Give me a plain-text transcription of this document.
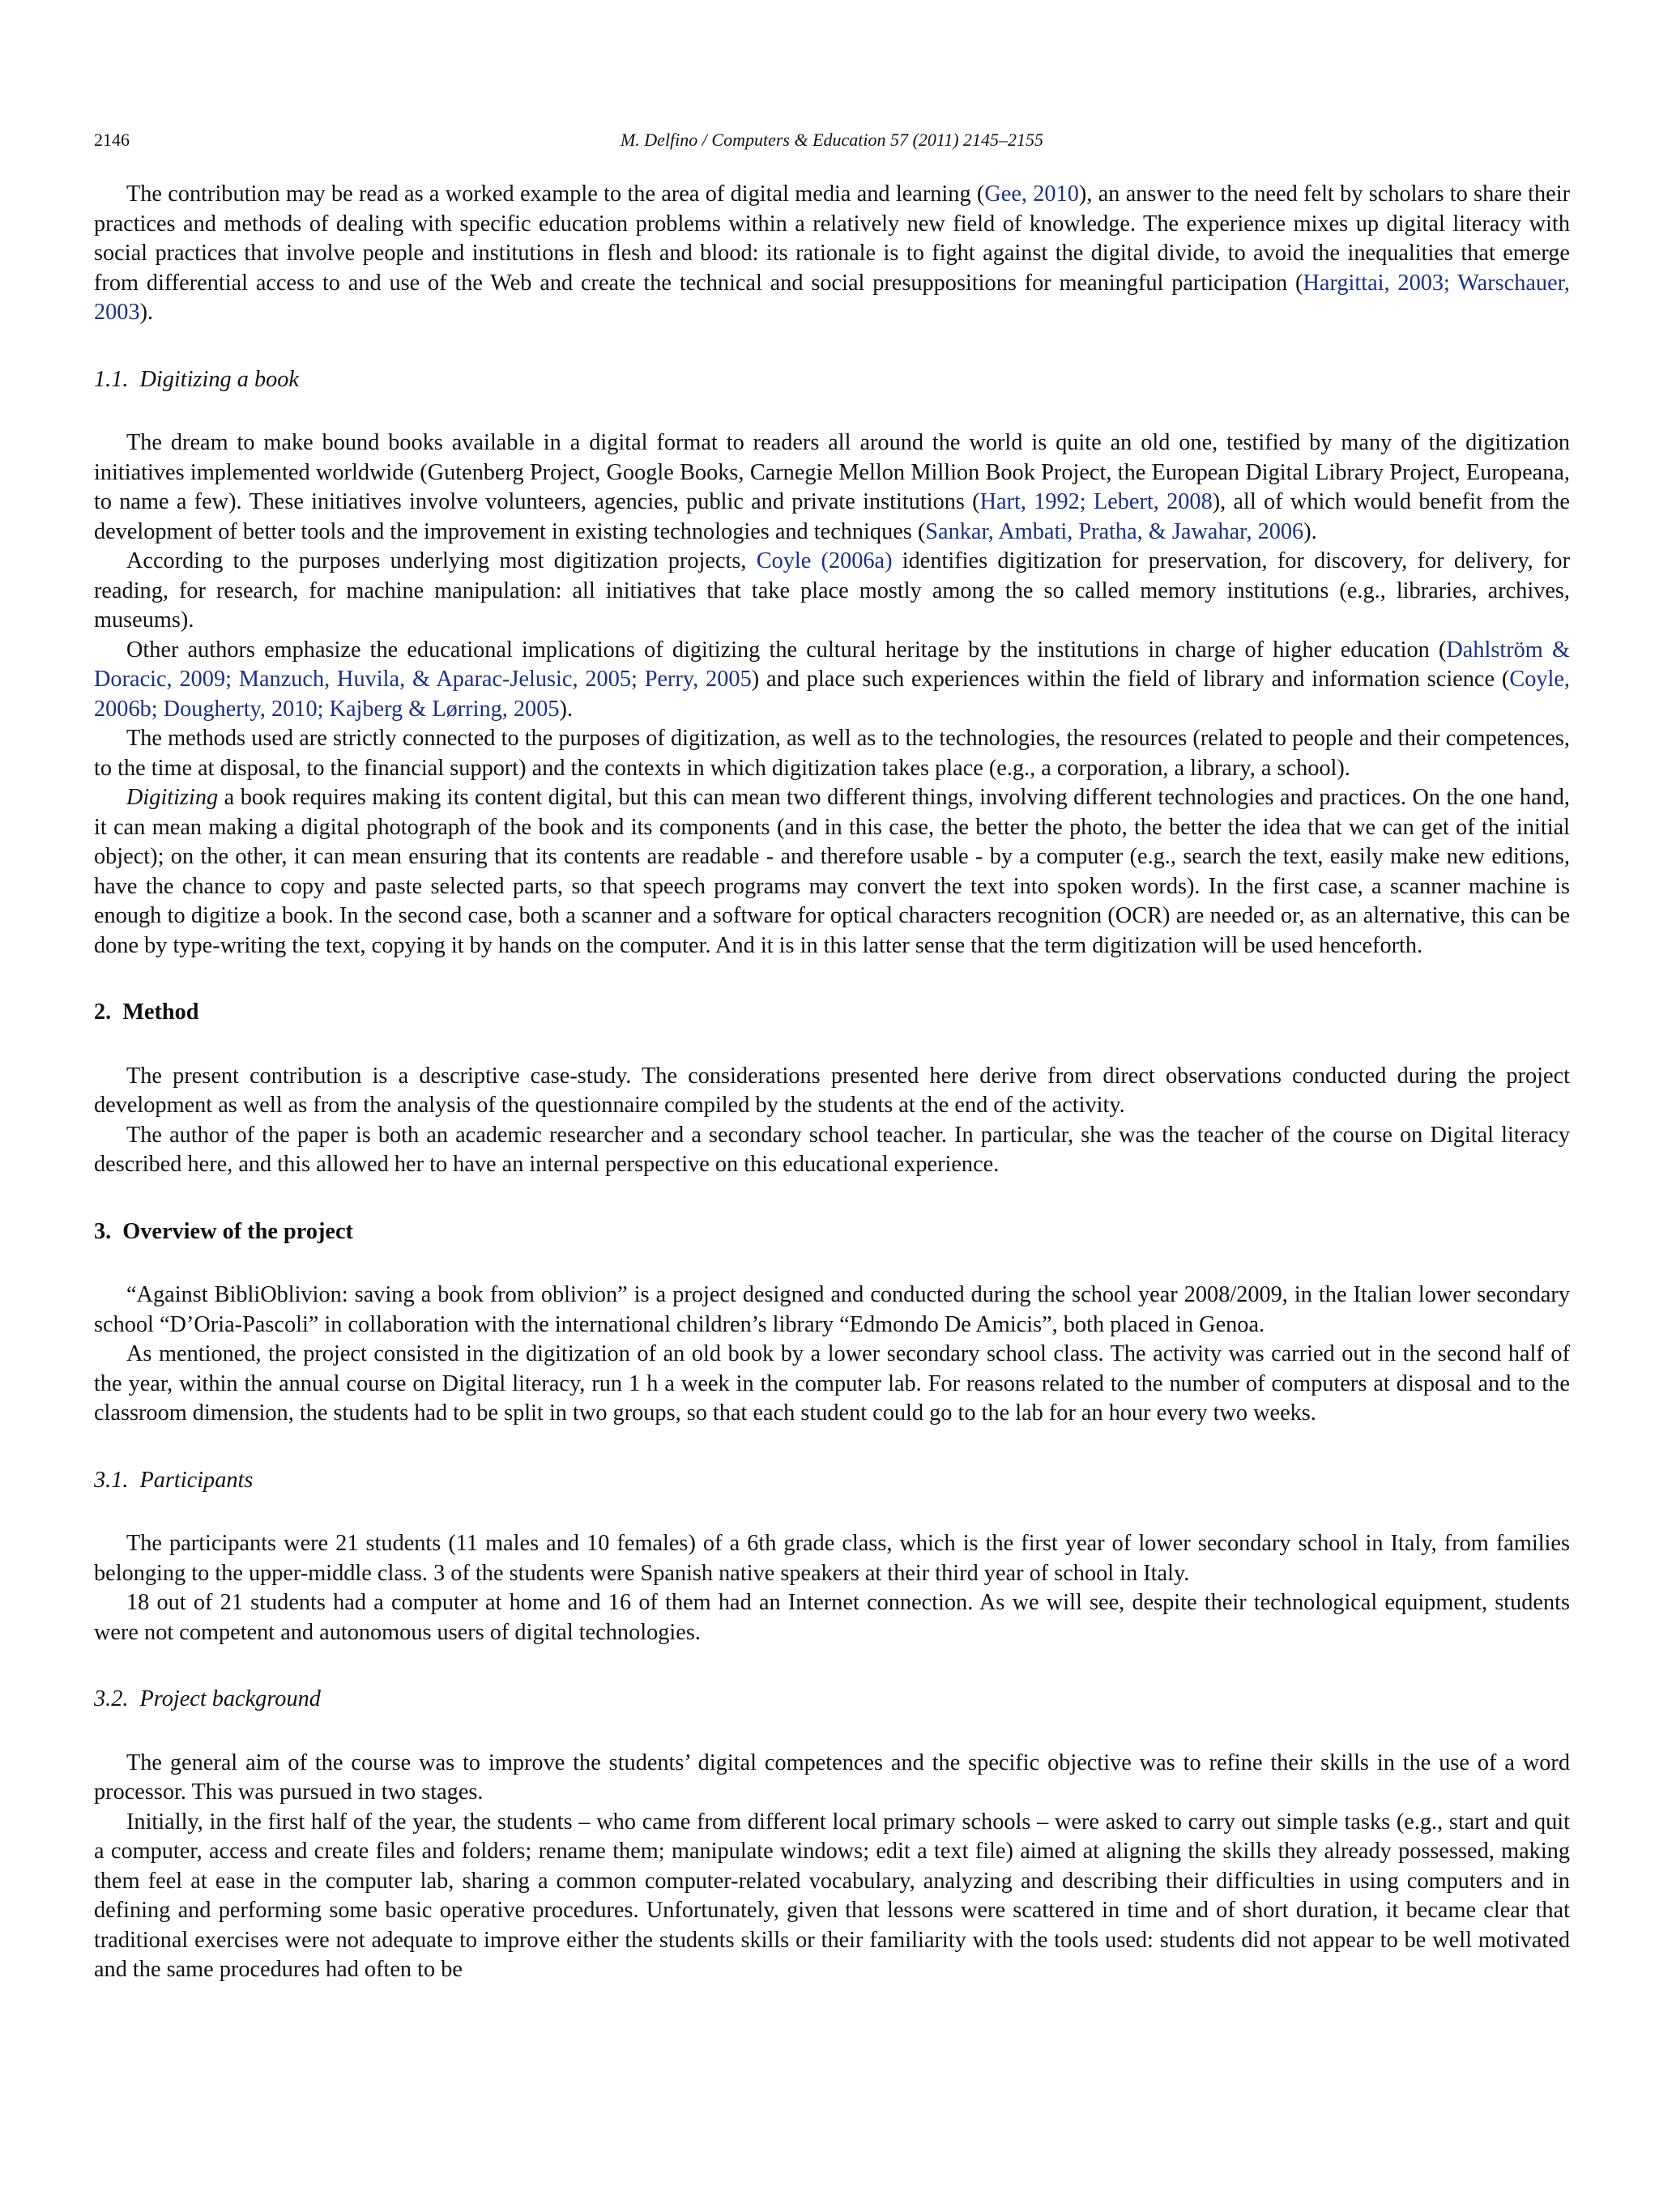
2146	M. Delfino / Computers & Education 57 (2011) 2145–2155

The contribution may be read as a worked example to the area of digital media and learning (Gee, 2010), an answer to the need felt by scholars to share their practices and methods of dealing with specific education problems within a relatively new field of knowledge. The experience mixes up digital literacy with social practices that involve people and institutions in flesh and blood: its rationale is to fight against the digital divide, to avoid the inequalities that emerge from differential access to and use of the Web and create the technical and social presuppositions for meaningful participation (Hargittai, 2003; Warschauer, 2003).

1.1. Digitizing a book

The dream to make bound books available in a digital format to readers all around the world is quite an old one, testified by many of the digitization initiatives implemented worldwide (Gutenberg Project, Google Books, Carnegie Mellon Million Book Project, the European Digital Library Project, Europeana, to name a few). These initiatives involve volunteers, agencies, public and private institutions (Hart, 1992; Lebert, 2008), all of which would benefit from the development of better tools and the improvement in existing technologies and techniques (Sankar, Ambati, Pratha, & Jawahar, 2006).

According to the purposes underlying most digitization projects, Coyle (2006a) identifies digitization for preservation, for discovery, for delivery, for reading, for research, for machine manipulation: all initiatives that take place mostly among the so called memory institutions (e.g., libraries, archives, museums).

Other authors emphasize the educational implications of digitizing the cultural heritage by the institutions in charge of higher education (Dahlström & Doracic, 2009; Manzuch, Huvila, & Aparac-Jelusic, 2005; Perry, 2005) and place such experiences within the field of library and information science (Coyle, 2006b; Dougherty, 2010; Kajberg & Lørring, 2005).

The methods used are strictly connected to the purposes of digitization, as well as to the technologies, the resources (related to people and their competences, to the time at disposal, to the financial support) and the contexts in which digitization takes place (e.g., a corporation, a library, a school).

Digitizing a book requires making its content digital, but this can mean two different things, involving different technologies and practices. On the one hand, it can mean making a digital photograph of the book and its components (and in this case, the better the photo, the better the idea that we can get of the initial object); on the other, it can mean ensuring that its contents are readable - and therefore usable - by a computer (e.g., search the text, easily make new editions, have the chance to copy and paste selected parts, so that speech programs may convert the text into spoken words). In the first case, a scanner machine is enough to digitize a book. In the second case, both a scanner and a software for optical characters recognition (OCR) are needed or, as an alternative, this can be done by type-writing the text, copying it by hands on the computer. And it is in this latter sense that the term digitization will be used henceforth.

2. Method

The present contribution is a descriptive case-study. The considerations presented here derive from direct observations conducted during the project development as well as from the analysis of the questionnaire compiled by the students at the end of the activity.

The author of the paper is both an academic researcher and a secondary school teacher. In particular, she was the teacher of the course on Digital literacy described here, and this allowed her to have an internal perspective on this educational experience.

3. Overview of the project

“Against BibliOblivion: saving a book from oblivion” is a project designed and conducted during the school year 2008/2009, in the Italian lower secondary school “D’Oria-Pascoli” in collaboration with the international children’s library “Edmondo De Amicis”, both placed in Genoa.

As mentioned, the project consisted in the digitization of an old book by a lower secondary school class. The activity was carried out in the second half of the year, within the annual course on Digital literacy, run 1 h a week in the computer lab. For reasons related to the number of computers at disposal and to the classroom dimension, the students had to be split in two groups, so that each student could go to the lab for an hour every two weeks.

3.1. Participants

The participants were 21 students (11 males and 10 females) of a 6th grade class, which is the first year of lower secondary school in Italy, from families belonging to the upper-middle class. 3 of the students were Spanish native speakers at their third year of school in Italy.

18 out of 21 students had a computer at home and 16 of them had an Internet connection. As we will see, despite their technological equipment, students were not competent and autonomous users of digital technologies.

3.2. Project background

The general aim of the course was to improve the students’ digital competences and the specific objective was to refine their skills in the use of a word processor. This was pursued in two stages.

Initially, in the first half of the year, the students – who came from different local primary schools – were asked to carry out simple tasks (e.g., start and quit a computer, access and create files and folders; rename them; manipulate windows; edit a text file) aimed at aligning the skills they already possessed, making them feel at ease in the computer lab, sharing a common computer-related vocabulary, analyzing and describing their difficulties in using computers and in defining and performing some basic operative procedures. Unfortunately, given that lessons were scattered in time and of short duration, it became clear that traditional exercises were not adequate to improve either the students skills or their familiarity with the tools used: students did not appear to be well motivated and the same procedures had often to be
